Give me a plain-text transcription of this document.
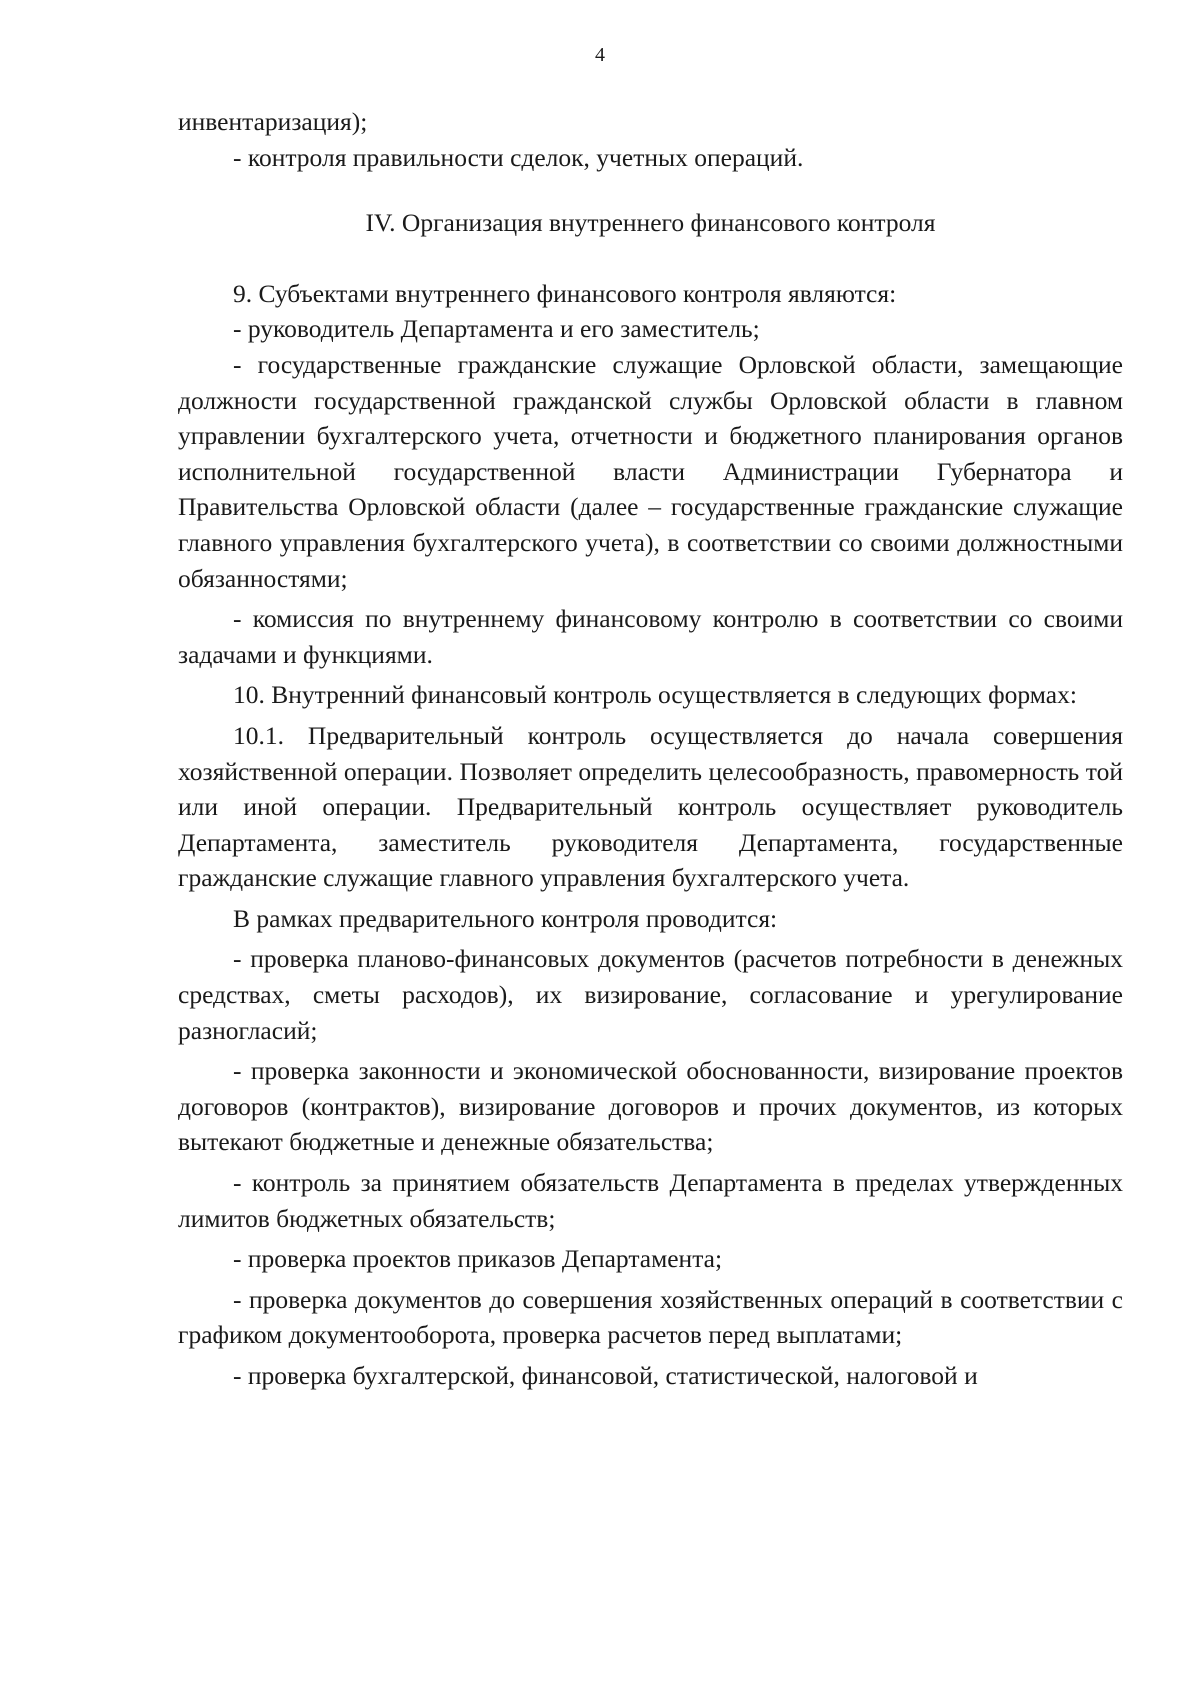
4

инвентаризация);

- контроля правильности сделок, учетных операций.

IV. Организация внутреннего финансового контроля

9. Субъектами внутреннего финансового контроля являются:

- руководитель Департамента и его заместитель;

- государственные гражданские служащие Орловской области, замещающие должности государственной гражданской службы Орловской области в главном управлении бухгалтерского учета, отчетности и бюджетного планирования органов исполнительной государственной власти Администрации Губернатора и Правительства Орловской области (далее – государственные гражданские служащие главного управления бухгалтерского учета), в соответствии со своими должностными обязанностями;

- комиссия по внутреннему финансовому контролю в соответствии со своими задачами и функциями.

10. Внутренний финансовый контроль осуществляется в следующих формах:

10.1. Предварительный контроль осуществляется до начала совершения хозяйственной операции. Позволяет определить целесообразность, правомерность той или иной операции. Предварительный контроль осуществляет руководитель Департамента, заместитель руководителя Департамента, государственные гражданские служащие главного управления бухгалтерского учета.

В рамках предварительного контроля проводится:

- проверка планово-финансовых документов (расчетов потребности в денежных средствах, сметы расходов), их визирование, согласование и урегулирование разногласий;

- проверка законности и экономической обоснованности, визирование проектов договоров (контрактов), визирование договоров и прочих документов, из которых вытекают бюджетные и денежные обязательства;

- контроль за принятием обязательств Департамента в пределах утвержденных лимитов бюджетных обязательств;

- проверка проектов приказов Департамента;

- проверка документов до совершения хозяйственных операций в соответствии с графиком документооборота, проверка расчетов перед выплатами;

- проверка бухгалтерской, финансовой, статистической, налоговой и
